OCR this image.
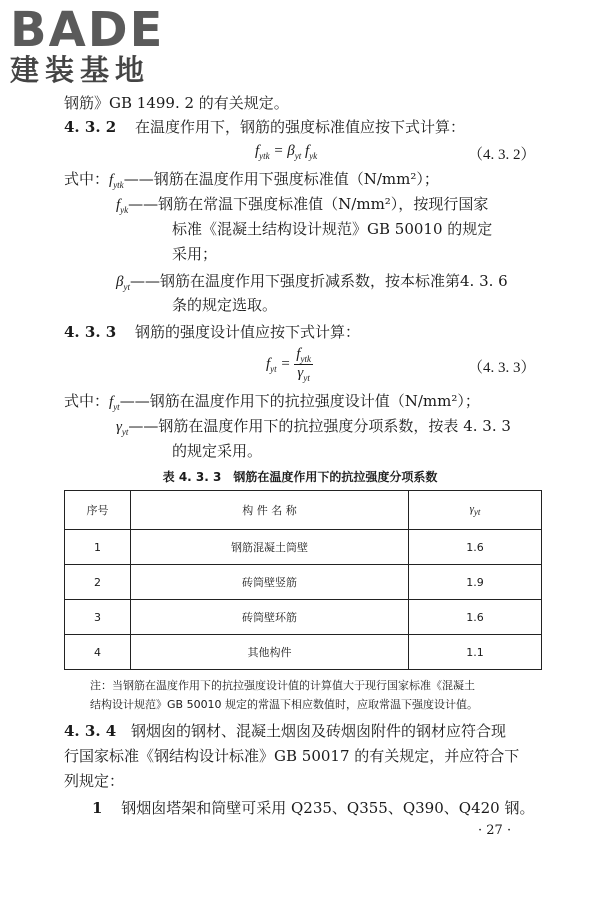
BADE
建装基地
钢筋》GB 1499. 2 的有关规定。
4. 3. 2 在温度作用下，钢筋的强度标准值应按下式计算：
$f_{ytk} = \beta_{yt}$ $f_{yk}$	（4. 3. 2）
式中：$f_{ytk}——$钢筋在温度作用下强度标准值（N/mm²）；
$f_{yk}——$钢筋在常温下强度标准值（N/mm²），按现行国家
标准《混凝土结构设计规范》GB 50010 的规定
采用；
$\beta_{yt}——$钢筋在温度作用下强度折减系数，按本标准第4. 3. 6
条的规定选取。
4. 3. 3 钢筋的强度设计值应按下式计算：
$f_{yt} = \frac{f_{ytk}}{\gamma_{yt}}$	（4. 3. 3）
式中：$f_{yt}——$钢筋在温度作用下的抗拉强度设计值（N/mm²）；
$\gamma_{yt}——$钢筋在温度作用下的抗拉强度分项系数，按表 4. 3. 3
的规定采用。
表 4. 3. 3　钢筋在温度作用下的抗拉强度分项系数
序号	构 件 名 称	$\gamma_{yt}$
1	钢筋混凝土筒壁	1.6
2	砖筒壁竖筋	1.9
3	砖筒壁环筋	1.6
4	其他构件	1.1
注：当钢筋在温度作用下的抗拉强度设计值的计算值大于现行国家标准《混凝土
结构设计规范》GB 50010 规定的常温下相应数值时，应取常温下强度设计值。
4. 3. 4 钢烟囱的钢材、混凝土烟囱及砖烟囱附件的钢材应符合现
行国家标准《钢结构设计标准》GB 50017 的有关规定，并应符合下
列规定：
1 钢烟囱塔架和筒壁可采用 Q235、Q355、Q390、Q420 钢。
· 27 ·
